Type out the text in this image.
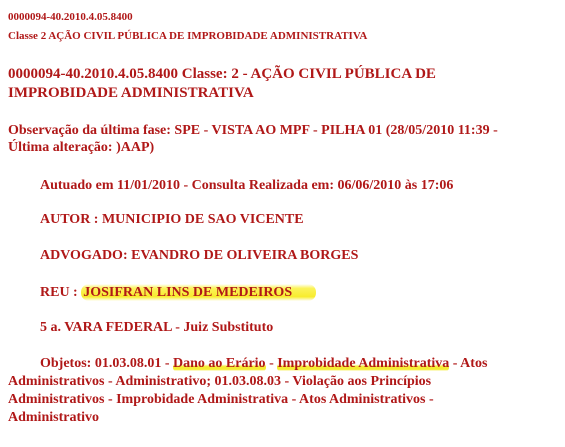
0000094-40.2010.4.05.8400
Classe 2 AÇÃO CIVIL PÚBLICA DE IMPROBIDADE ADMINISTRATIVA
0000094-40.2010.4.05.8400 Classe: 2 - AÇÃO CIVIL PÚBLICA DE
IMPROBIDADE ADMINISTRATIVA
Observação da última fase: SPE - VISTA AO MPF - PILHA 01 (28/05/2010 11:39 -
Última alteração: )AAP)
Autuado em 11/01/2010 - Consulta Realizada em: 06/06/2010 às 17:06
AUTOR : MUNICIPIO DE SAO VICENTE
ADVOGADO: EVANDRO DE OLIVEIRA BORGES
REU : JOSIFRAN LINS DE MEDEIROS
5 a. VARA FEDERAL - Juiz Substituto
Objetos: 01.03.08.01 - Dano ao Erário - Improbidade Administrativa - Atos
Administrativos - Administrativo; 01.03.08.03 - Violação aos Princípios
Administrativos - Improbidade Administrativa - Atos Administrativos -
Administrativo
